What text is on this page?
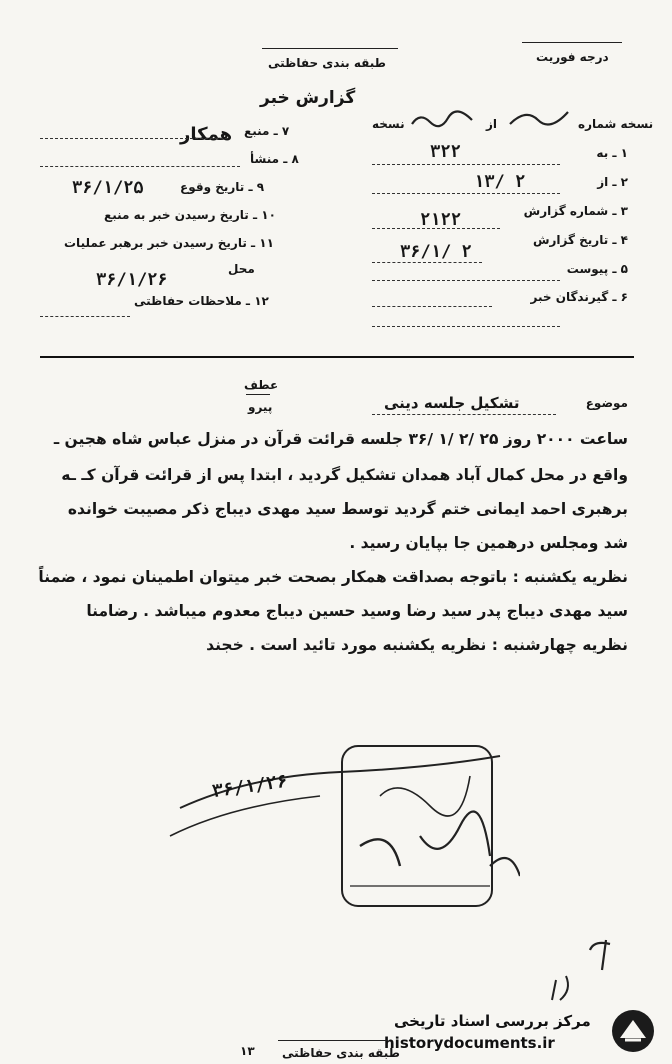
طبقه بندی حفاظتی	درجه فوریت
گزارش خبر
نسخه شماره
از
نسخه
۱ ـ به
۳۲۲
۲ ـ از
۱۳/ ۲
۳ ـ شماره گزارش
۲۱۲۲
۴ ـ تاریخ گزارش
۳۶/۱/ ۲
۵ ـ پیوست
۶ ـ گیرندگان خبر
۷ ـ منبع
همکار
۸ ـ منشأ
۹ ـ تاریخ وقوع
۳۶/۱/۲۵
۱۰ ـ تاریخ رسیدن خبر به منبع
۱۱ ـ تاریخ رسیدن خبر برهبر عملیات
محل
۳۶/۱/۲۶
۱۲ ـ ملاحظات حفاظتی
عطف
پیرو	موضوع
تشکیل جلسه دینی
ساعت ۲۰۰۰ روز ۲۵ /۲ /۱ /۳۶ جلسه قرائت قرآن در منزل عباس شاه هجین ـ
واقع در محل کمال آباد همدان تشکیل گردید ، ابتدا پس از قرائت قرآن کـ ـه
برهبری احمد ایمانی ختم گردید توسط سید مهدی دیباج ذکر مصیبت خوانده
شد ومجلس درهمین جا بپایان رسید .
نظریه یکشنبه : باتوجه بصداقت همکار بصحت خبر میتوان اطمینان نمود ، ضمناً
سید مهدی دیباج پدر سید رضا وسید حسین دیباج معدوم میباشد . رضامنا
نظریه چهارشنبه : نظریه یکشنبه مورد تائید است . خجند
۳۶/۱/۲۶
مرکز بررسی اسناد تاریخی
historydocuments.ir
۱۳ طبقه بندی حفاظتی
